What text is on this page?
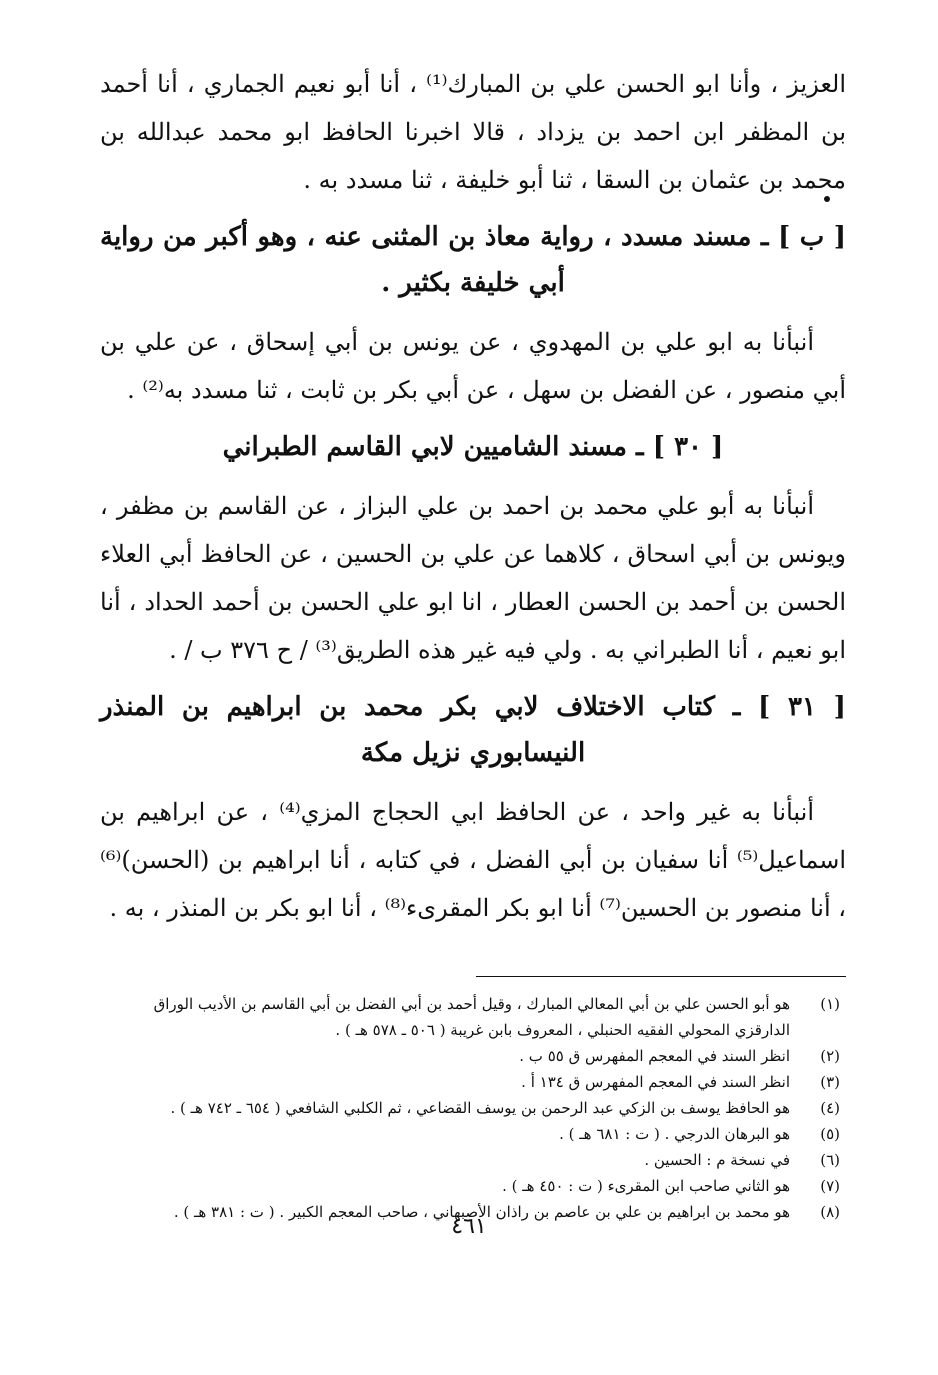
العزيز ، وأنا ابو الحسن علي بن المبارك⁽¹⁾ ، أنا أبو نعيم الجماري ، أنا أحمد بن المظفر ابن احمد بن يزداد ، قالا اخبرنا الحافظ ابو محمد عبدالله بن محمد بن عثمان بن السقا ، ثنا أبو خليفة ، ثنا مسدد به .

[ ب ] ـ مسند مسدد ، رواية معاذ بن المثنى عنه ، وهو أكبر من رواية أبي خليفة بكثير .

أنبأنا به ابو علي بن المهدوي ، عن يونس بن أبي إسحاق ، عن علي بن أبي منصور ، عن الفضل بن سهل ، عن أبي بكر بن ثابت ، ثنا مسدد به⁽²⁾ .

[ ٣٠ ] ـ مسند الشاميين لابي القاسم الطبراني

أنبأنا به أبو علي محمد بن احمد بن علي البزاز ، عن القاسم بن مظفر ، ويونس بن أبي اسحاق ، كلاهما عن علي بن الحسين ، عن الحافظ أبي العلاء الحسن بن أحمد بن الحسن العطار ، انا ابو علي الحسن بن أحمد الحداد ، أنا ابو نعيم ، أنا الطبراني به . ولي فيه غير هذه الطريق⁽³⁾ / ح ٣٧٦ ب / .

[ ٣١ ] ـ كتاب الاختلاف لابي بكر محمد بن ابراهيم بن المنذر النيسابوري نزيل مكة

أنبأنا به غير واحد ، عن الحافظ ابي الحجاج المزي⁽⁴⁾ ، عن ابراهيم بن اسماعيل⁽⁵⁾ أنا سفيان بن أبي الفضل ، في كتابه ، أنا ابراهيم بن (الحسن)⁽⁶⁾ ، أنا منصور بن الحسين⁽⁷⁾ أنا ابو بكر المقرىء⁽⁸⁾ ، أنا ابو بكر بن المنذر ، به .

(١)
هو أبو الحسن علي بن أبي المعالي المبارك ، وقيل أحمد بن أبي الفضل بن أبي القاسم بن الأديب الوراق الدارقزي المحولي الفقيه الحنبلي ، المعروف بابن غريبة ( ٥٠٦ ـ ٥٧٨ هـ ) .
(٢)
انظر السند في المعجم المفهرس ق ٥٥ ب .
(٣)
انظر السند في المعجم المفهرس ق ١٣٤ أ .
(٤)
هو الحافظ يوسف بن الزكي عبد الرحمن بن يوسف القضاعي ، ثم الكلبي الشافعي ( ٦٥٤ ـ ٧٤٢ هـ ) .
(٥)
هو البرهان الدرجي . ( ت : ٦٨١ هـ ) .
(٦)
في نسخة م : الحسين .
(٧)
هو الثاني صاحب ابن المقرىء ( ت : ٤٥٠ هـ ) .
(٨)
هو محمد بن ابراهيم بن علي بن عاصم بن راذان الأصبهاني ، صاحب المعجم الكبير . ( ت : ٣٨١ هـ ) .
٤٦١
